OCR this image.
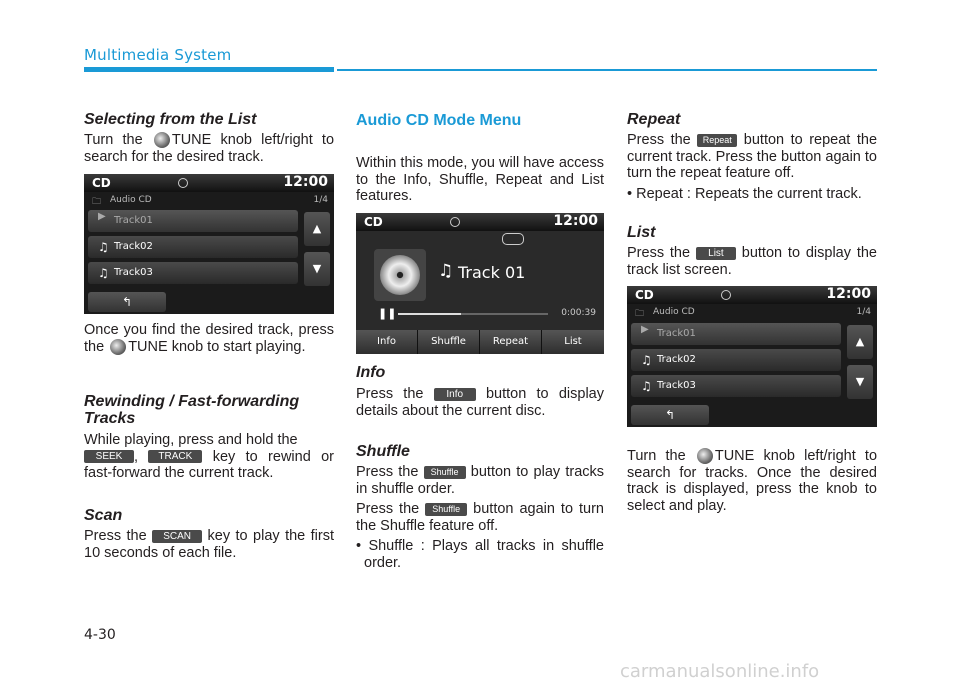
Multimedia System
Selecting from the List
Turn the TUNE knob left/right to search for the desired track.
CD	12:00
🗀 Audio CD	1/4
▶ Track01
♫ Track02
♫ Track03
▲
▼
↰
Once you find the desired track, press the TUNE knob to start playing.
Rewinding / Fast-forwarding Tracks
While playing, press and hold the
SEEK , TRACK key to rewind or fast-forward the current track.
Scan
Press the SCAN key to play the first 10 seconds of each file.
Audio CD Mode Menu
Within this mode, you will have access to the Info, Shuffle, Repeat and List features.
CD	12:00
♫ Track 01
❚❚	0:00:39
Info	Shuffle	Repeat	List
Info
Press the Info button to display details about the current disc.
Shuffle
Press the Shuffle button to play tracks in shuffle order.
Press the Shuffle button again to turn the Shuffle feature off.
• Shuffle : Plays all tracks in shuffle order.
Repeat
Press the Repeat button to repeat the current track. Press the button again to turn the repeat feature off.
• Repeat : Repeats the current track.
List
Press the List button to display the track list screen.
CD	12:00
🗀 Audio CD	1/4
▶ Track01
♫ Track02
♫ Track03
▲
▼
↰
Turn the TUNE knob left/right to search for tracks. Once the desired track is displayed, press the knob to select and play.
4-30
carmanualsonline.info
